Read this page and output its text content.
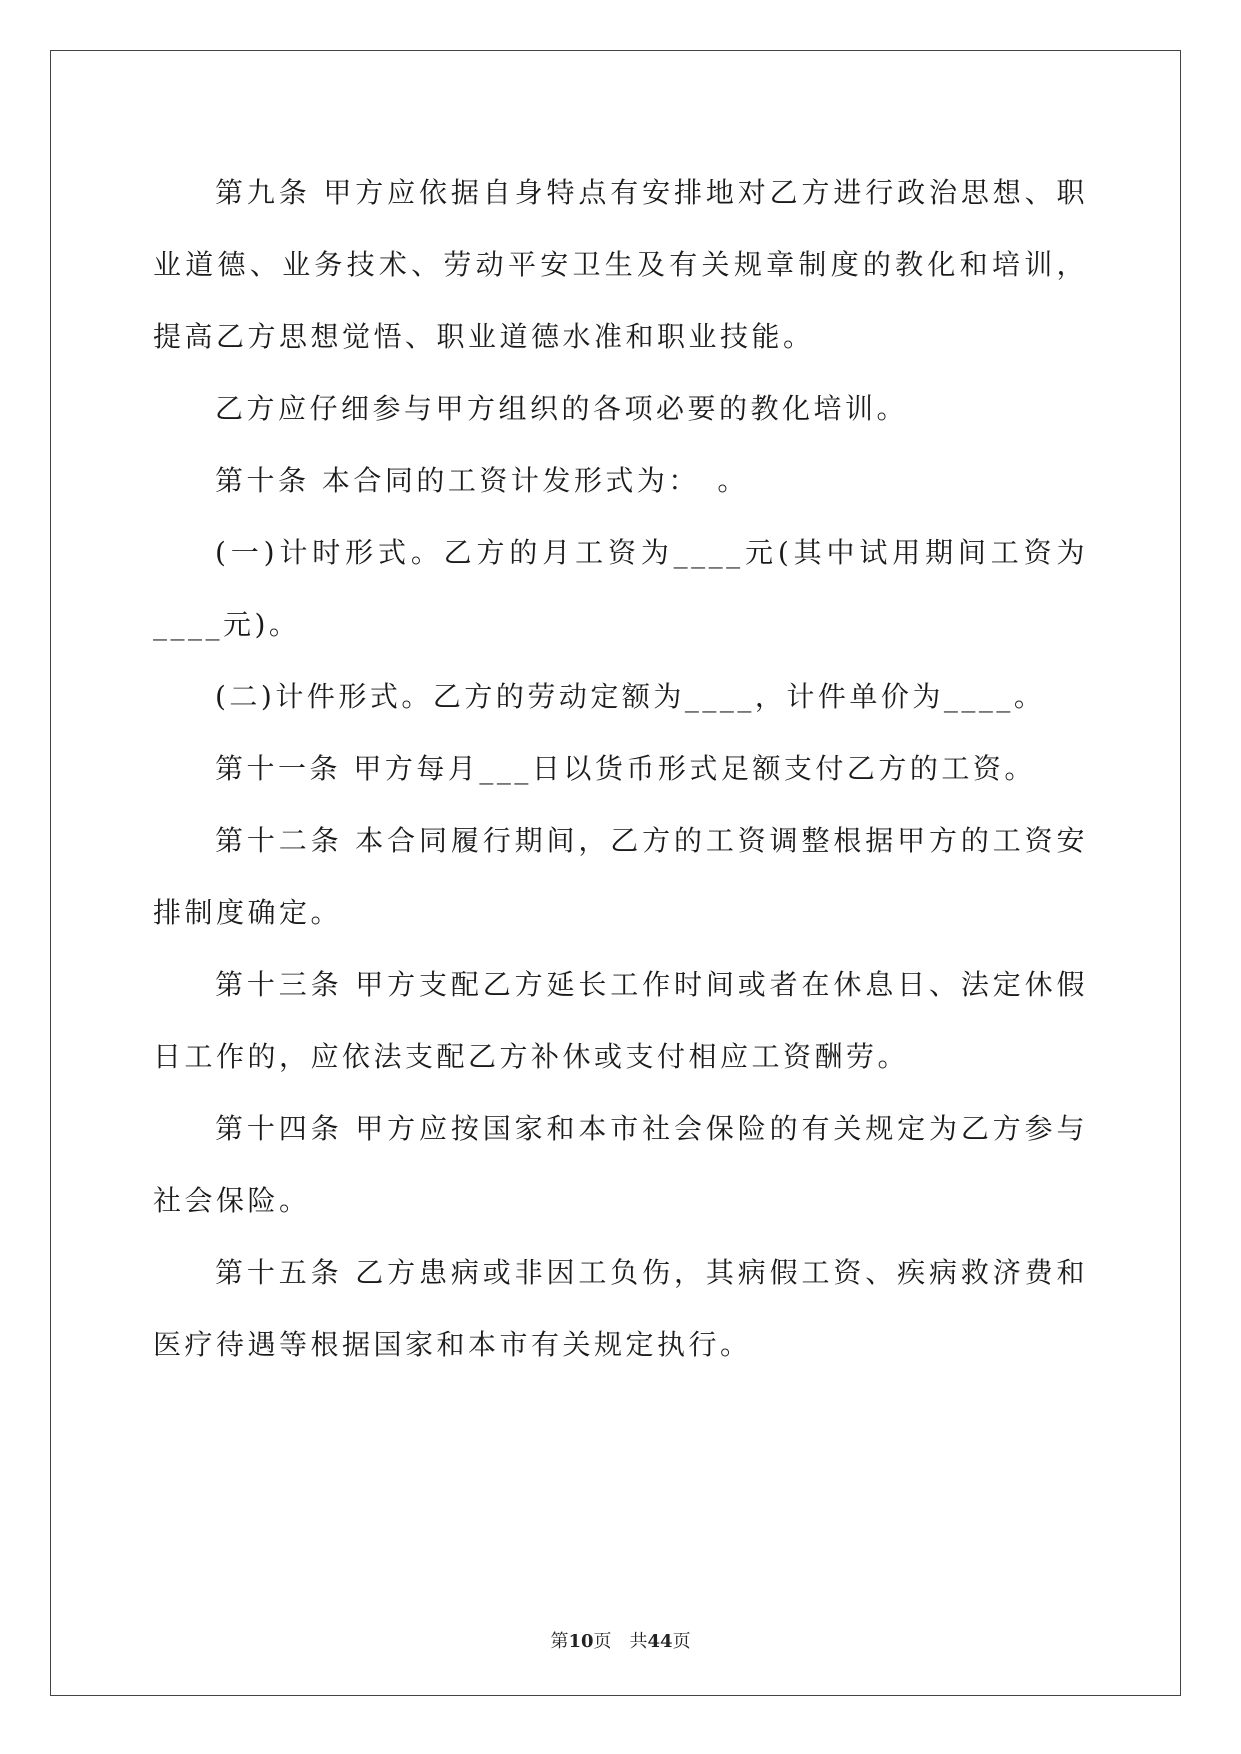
第九条 甲方应依据自身特点有安排地对乙方进行政治思想、职业道德、业务技术、劳动平安卫生及有关规章制度的教化和培训，提高乙方思想觉悟、职业道德水准和职业技能。

乙方应仔细参与甲方组织的各项必要的教化培训。

第十条 本合同的工资计发形式为：　。

(一)计时形式。乙方的月工资为____元(其中试用期间工资为____元)。

(二)计件形式。乙方的劳动定额为____，计件单价为____。

第十一条 甲方每月___日以货币形式足额支付乙方的工资。

第十二条 本合同履行期间，乙方的工资调整根据甲方的工资安排制度确定。

第十三条 甲方支配乙方延长工作时间或者在休息日、法定休假日工作的，应依法支配乙方补休或支付相应工资酬劳。

第十四条 甲方应按国家和本市社会保险的有关规定为乙方参与社会保险。

第十五条 乙方患病或非因工负伤，其病假工资、疾病救济费和医疗待遇等根据国家和本市有关规定执行。

第10页 共44页
